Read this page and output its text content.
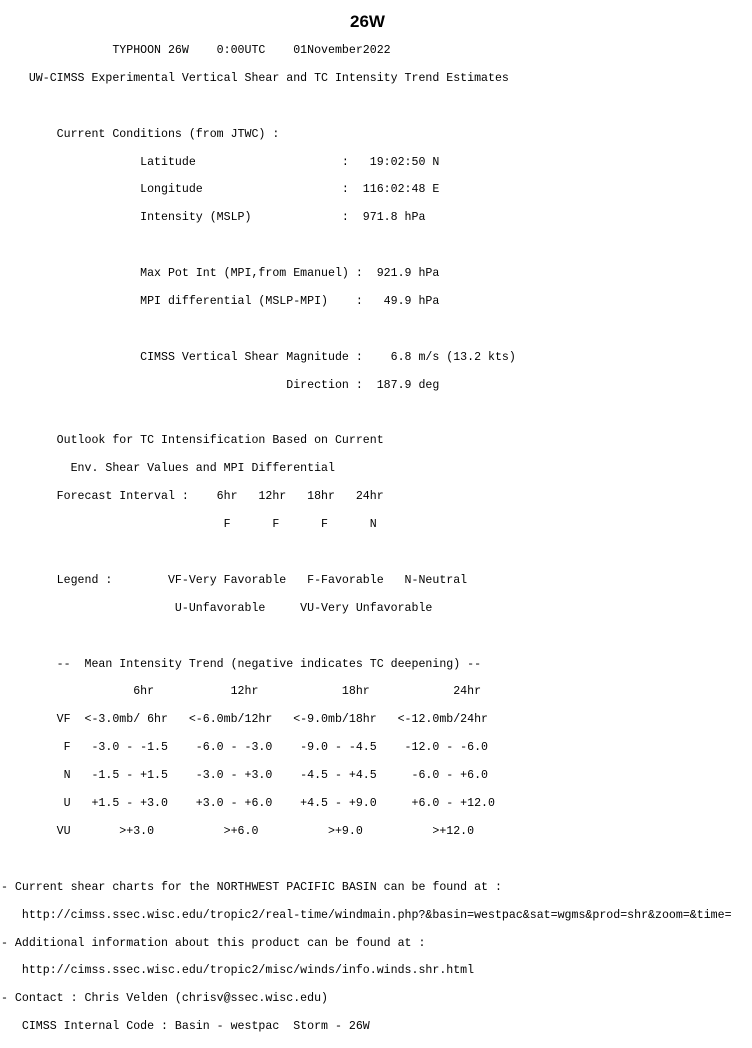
26W
TYPHOON 26W    0:00UTC    01November2022

UW-CIMSS Experimental Vertical Shear and TC Intensity Trend Estimates

Current Conditions (from JTWC) :

Latitude                     :   19:02:50 N

Longitude                    :  116:02:48 E

Intensity (MSLP)             :  971.8 hPa

Max Pot Int (MPI,from Emanuel) :  921.9 hPa

MPI differential (MSLP-MPI)    :   49.9 hPa

CIMSS Vertical Shear Magnitude :    6.8 m/s (13.2 kts)

Direction :  187.9 deg

Outlook for TC Intensification Based on Current

Env. Shear Values and MPI Differential

Forecast Interval :    6hr   12hr   18hr   24hr

F      F      F      N

Legend :        VF-Very Favorable   F-Favorable   N-Neutral

U-Unfavorable     VU-Very Unfavorable

--  Mean Intensity Trend (negative indicates TC deepening) --

6hr           12hr            18hr            24hr

VF  <-3.0mb/ 6hr   <-6.0mb/12hr   <-9.0mb/18hr   <-12.0mb/24hr

F   -3.0 - -1.5    -6.0 - -3.0    -9.0 - -4.5    -12.0 - -6.0

N   -1.5 - +1.5    -3.0 - +3.0    -4.5 - +4.5     -6.0 - +6.0

U   +1.5 - +3.0    +3.0 - +6.0    +4.5 - +9.0     +6.0 - +12.0

VU       >+3.0          >+6.0          >+9.0          >+12.0

- Current shear charts for the NORTHWEST PACIFIC BASIN can be found at :

http://cimss.ssec.wisc.edu/tropic2/real-time/windmain.php?&basin=westpac&sat=wgms&prod=shr&zoom=&time=

- Additional information about this product can be found at :

http://cimss.ssec.wisc.edu/tropic2/misc/winds/info.winds.shr.html

- Contact : Chris Velden (chrisv@ssec.wisc.edu)

CIMSS Internal Code : Basin - westpac  Storm - 26W
